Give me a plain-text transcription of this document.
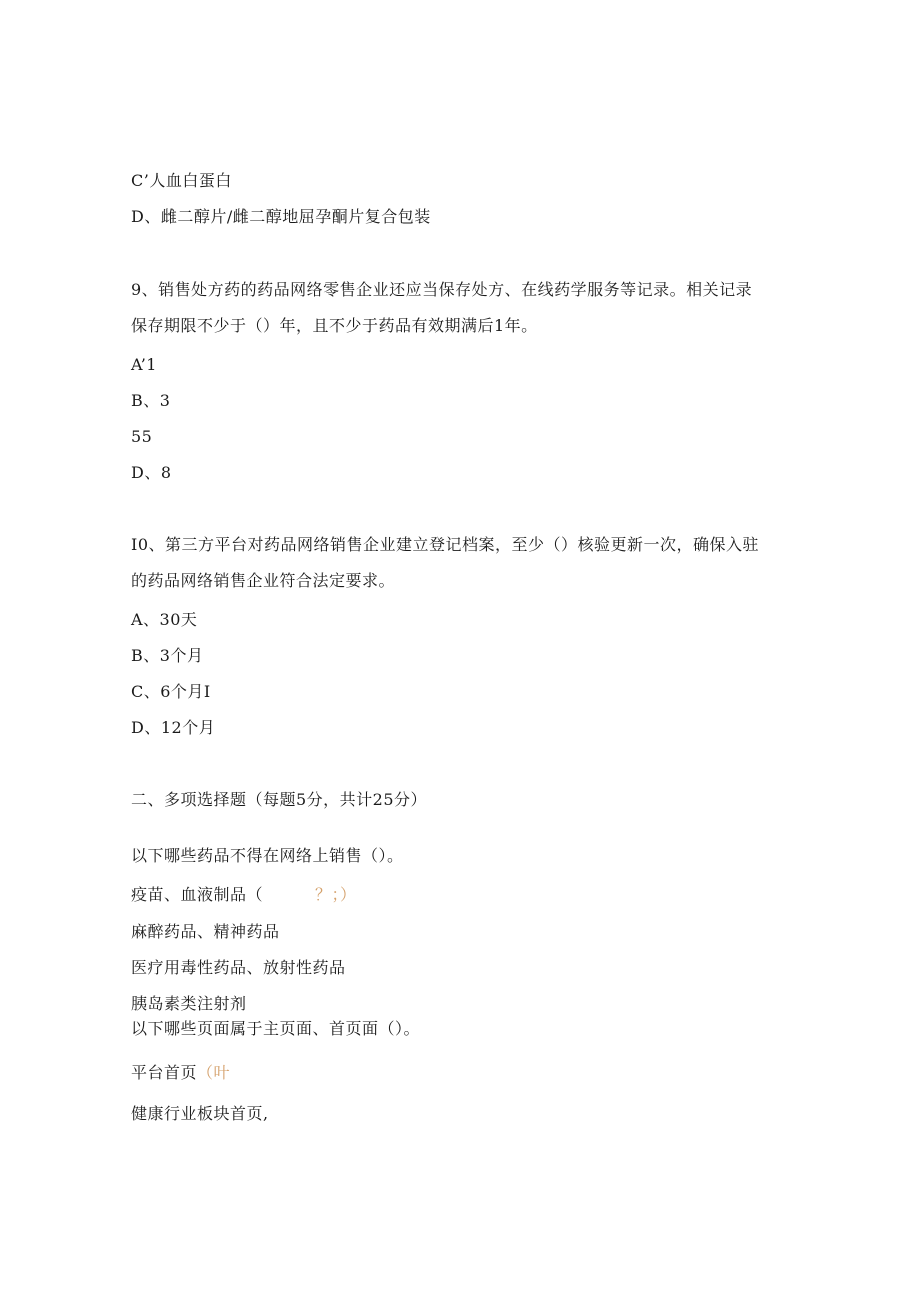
C’人血白蛋白
D、雌二醇片/雌二醇地屈孕酮片复合包装
9、销售处方药的药品网络零售企业还应当保存处方、在线药学服务等记录。相关记录
保存期限不少于（）年，且不少于药品有效期满后1年。
A’1
B、3
55
D、8
I0、第三方平台对药品网络销售企业建立登记档案，至少（）核验更新一次，确保入驻
的药品网络销售企业符合法定要求。
A、30天
B、3个月
C、6个月I
D、12个月
二、多项选择题（每题5分，共计25分）
以下哪些药品不得在网络上销售（）。
疫苗、血液制品（	？；）
麻醉药品、精神药品
医疗用毒性药品、放射性药品
胰岛素类注射剂
以下哪些页面属于主页面、首页面（）。
平台首页（叶
健康行业板块首页,
